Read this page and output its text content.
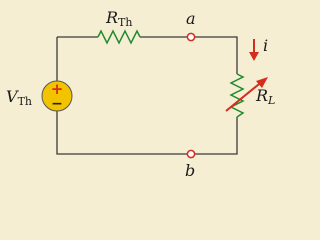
+
−
$R_{Th}$	a
b
$V_{Th}$
i
$R_L$
